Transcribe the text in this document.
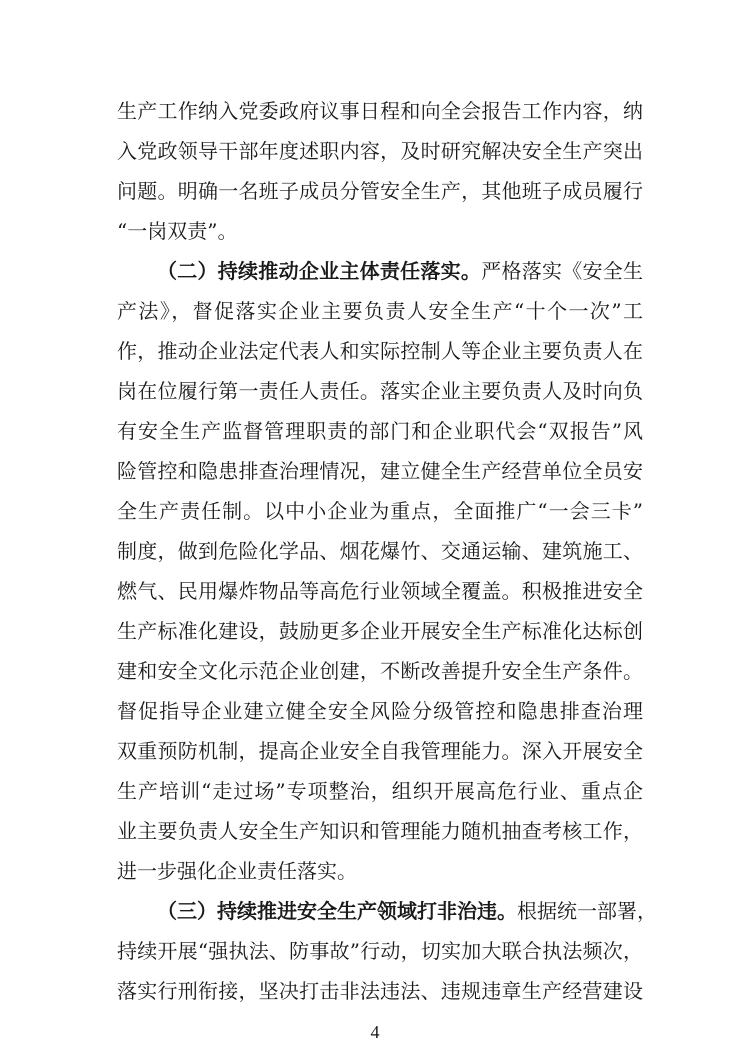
生产工作纳入党委政府议事日程和向全会报告工作内容，纳
入党政领导干部年度述职内容，及时研究解决安全生产突出
问题。明确一名班子成员分管安全生产，其他班子成员履行
“一岗双责”。
（二）持续推动企业主体责任落实。严格落实《安全生
产法》，督促落实企业主要负责人安全生产“十个一次”工
作，推动企业法定代表人和实际控制人等企业主要负责人在
岗在位履行第一责任人责任。落实企业主要负责人及时向负
有安全生产监督管理职责的部门和企业职代会“双报告”风
险管控和隐患排查治理情况，建立健全生产经营单位全员安
全生产责任制。以中小企业为重点，全面推广“一会三卡”
制度，做到危险化学品、烟花爆竹、交通运输、建筑施工、
燃气、民用爆炸物品等高危行业领域全覆盖。积极推进安全
生产标准化建设，鼓励更多企业开展安全生产标准化达标创
建和安全文化示范企业创建，不断改善提升安全生产条件。
督促指导企业建立健全安全风险分级管控和隐患排查治理
双重预防机制，提高企业安全自我管理能力。深入开展安全
生产培训“走过场”专项整治，组织开展高危行业、重点企
业主要负责人安全生产知识和管理能力随机抽查考核工作，
进一步强化企业责任落实。
（三）持续推进安全生产领域打非治违。根据统一部署，
持续开展“强执法、防事故”行动，切实加大联合执法频次，
落实行刑衔接，坚决打击非法违法、违规违章生产经营建设
4
